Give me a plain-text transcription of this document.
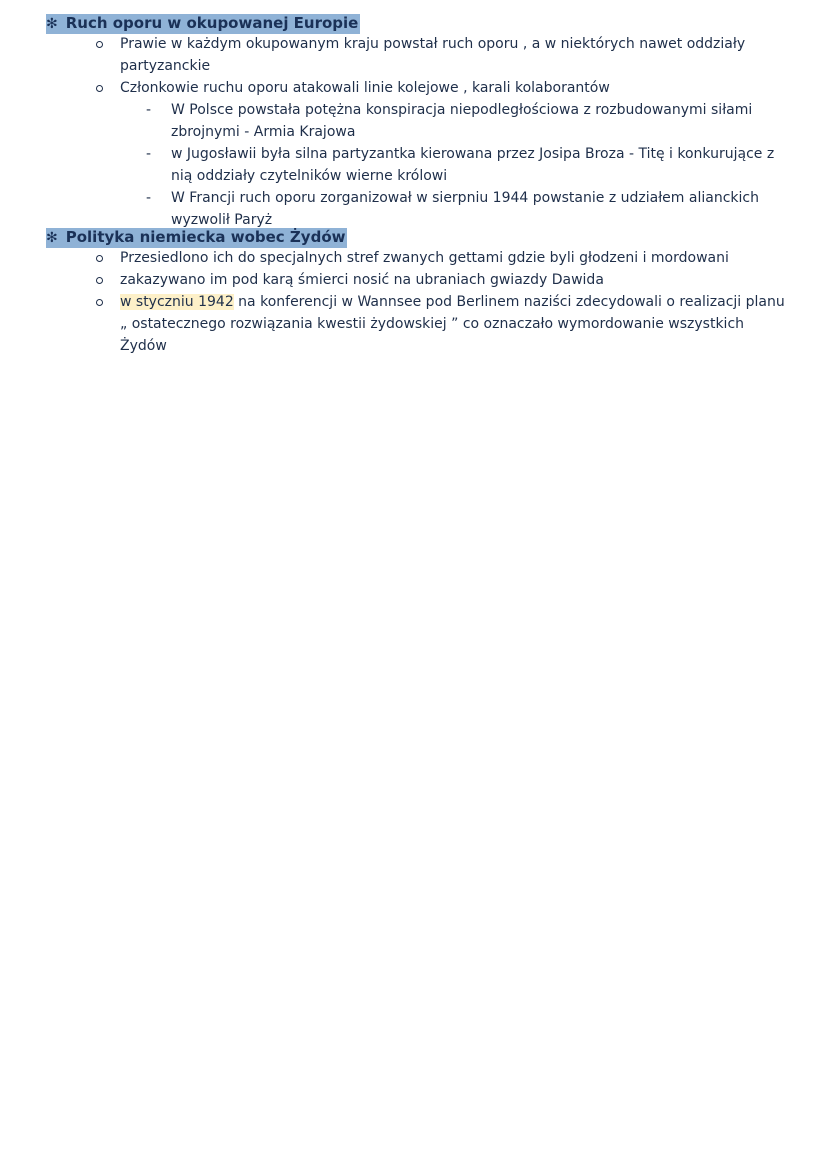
✻ Ruch oporu w okupowanej Europie
Prawie w każdym okupowanym kraju powstał ruch oporu , a w niektórych nawet oddziały
partyzanckie
Członkowie ruchu oporu atakowali linie kolejowe , karali kolaborantów
- W Polsce powstała potężna konspiracja niepodległościowa z rozbudowanymi siłami
zbrojnymi - Armia Krajowa
- w Jugosławii była silna partyzantka kierowana przez Josipa Broza - Titę i konkurujące z
nią oddziały czytelników wierne królowi
- W Francji ruch oporu zorganizował w sierpniu 1944 powstanie z udziałem alianckich
wyzwolił Paryż
✻ Polityka niemiecka wobec Żydów
Przesiedlono ich do specjalnych stref zwanych gettami gdzie byli głodzeni i mordowani
zakazywano im pod karą śmierci nosić na ubraniach gwiazdy Dawida
w styczniu 1942 na konferencji w Wannsee pod Berlinem naziści zdecydowali o realizacji planu
„ ostatecznego rozwiązania kwestii żydowskiej ” co oznaczało wymordowanie wszystkich
Żydów
